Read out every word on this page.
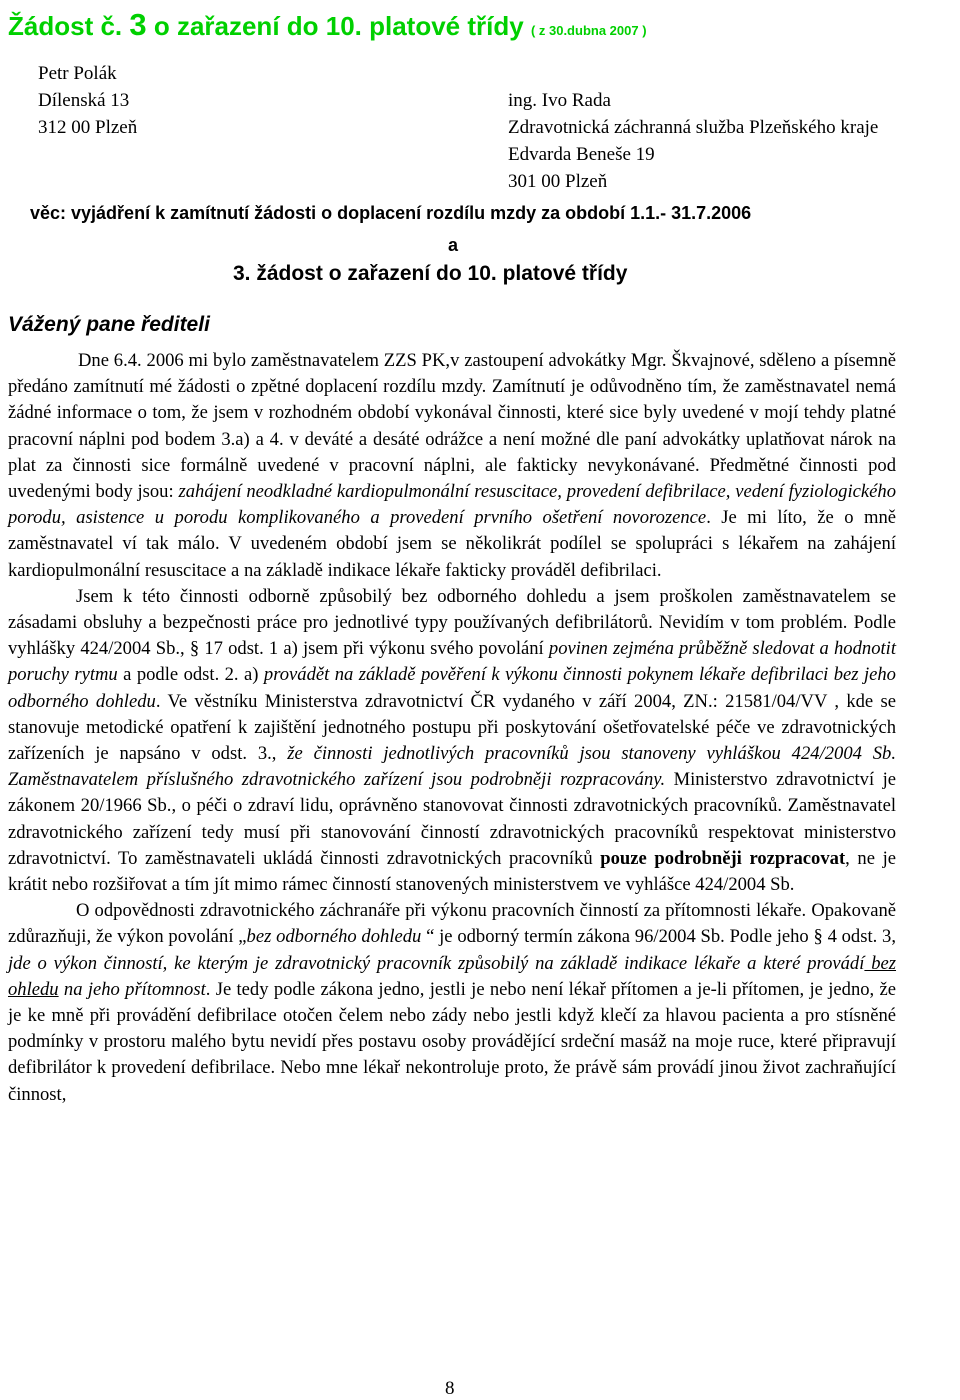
Žádost č. 3 o zařazení do 10. platové třídy ( z 30.dubna 2007 )
Petr Polák
Dílenská 13
312 00 Plzeň
ing. Ivo Rada
Zdravotnická záchranná služba Plzeňského kraje
Edvarda Beneše 19
301 00 Plzeň
věc: vyjádření k zamítnutí žádosti o doplacení rozdílu mzdy za období 1.1.- 31.7.2006
a
3. žádost o zařazení do 10. platové třídy
Vážený pane řediteli

Dne 6.4. 2006 mi bylo zaměstnavatelem ZZS PK,v zastoupení advokátky Mgr. Škvajnové, sděleno a písemně předáno zamítnutí mé žádosti o zpětné doplacení rozdílu mzdy. Zamítnutí je odůvodněno tím, že zaměstnavatel nemá žádné informace o tom, že jsem v rozhodném období vykonával činnosti, které sice byly uvedené v mojí tehdy platné pracovní náplni pod bodem 3.a) a 4. v deváté a desáté odrážce a není možné dle paní advokátky uplatňovat nárok na plat za činnosti sice formálně uvedené v pracovní náplni, ale fakticky nevykonávané. Předmětné činnosti pod uvedenými body jsou: zahájení neodkladné kardiopulmonální resuscitace, provedení defibrilace, vedení fyziologického porodu, asistence u porodu komplikovaného a provedení prvního ošetření novorozence. Je mi líto, že o mně zaměstnavatel ví tak málo. V uvedeném období jsem se několikrát podílel se spolupráci s lékařem na zahájení kardiopulmonální resuscitace a na základě indikace lékaře fakticky prováděl defibrilaci.

Jsem k této činnosti odborně způsobilý bez odborného dohledu a jsem proškolen zaměstnavatelem se zásadami obsluhy a bezpečnosti práce pro jednotlivé typy používaných defibrilátorů. Nevidím v tom problém. Podle vyhlášky 424/2004 Sb., § 17 odst. 1 a) jsem při výkonu svého povolání povinen zejména průběžně sledovat a hodnotit poruchy rytmu a podle odst. 2. a) provádět na základě pověření k výkonu činnosti pokynem lékaře defibrilaci bez jeho odborného dohledu. Ve věstníku Ministerstva zdravotnictví ČR vydaného v září 2004, ZN.: 21581/04/VV , kde se stanovuje metodické opatření k zajištění jednotného postupu při poskytování ošetřovatelské péče ve zdravotnických zařízeních je napsáno v odst. 3., že činnosti jednotlivých pracovníků jsou stanoveny vyhláškou 424/2004 Sb. Zaměstnavatelem příslušného zdravotnického zařízení jsou podrobněji rozpracovány. Ministerstvo zdravotnictví je zákonem 20/1966 Sb., o péči o zdraví lidu, oprávněno stanovovat činnosti zdravotnických pracovníků. Zaměstnavatel zdravotnického zařízení tedy musí při stanovování činností zdravotnických pracovníků respektovat ministerstvo zdravotnictví. To zaměstnavateli ukládá činnosti zdravotnických pracovníků pouze podrobněji rozpracovat, ne je krátit nebo rozšiřovat a tím jít mimo rámec činností stanovených ministerstvem ve vyhlášce 424/2004 Sb.

O odpovědnosti zdravotnického záchranáře při výkonu pracovních činností za přítomnosti lékaře. Opakovaně zdůrazňuji, že výkon povolání „bez odborného dohledu “ je odborný termín zákona 96/2004 Sb. Podle jeho § 4 odst. 3, jde o výkon činností, ke kterým je zdravotnický pracovník způsobilý na základě indikace lékaře a které provádí bez ohledu na jeho přítomnost. Je tedy podle zákona jedno, jestli je nebo není lékař přítomen a je-li přítomen, je jedno, že je ke mně při provádění defibrilace otočen čelem nebo zády nebo jestli když klečí za hlavou pacienta a pro stísněné podmínky v prostoru malého bytu nevidí přes postavu osoby provádějící srdeční masáž na moje ruce, které připravují defibrilátor k provedení defibrilace. Nebo mne lékař nekontroluje proto, že právě sám provádí jinou život zachraňující činnost,

8
